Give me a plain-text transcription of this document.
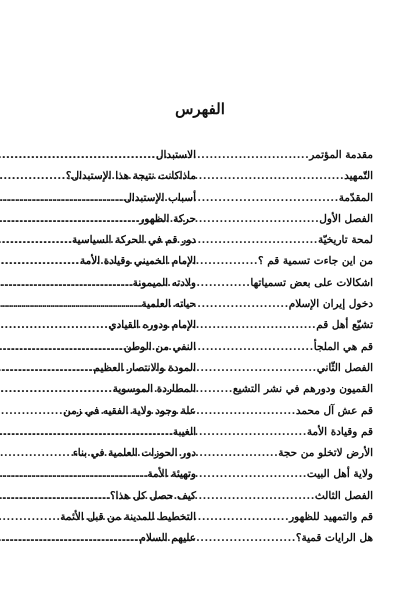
الفهرس
مقدمة المؤتمر
.....
التّمهيد
.....
المقدّمة
.....
الفصل الأول
.....
لمحة تاريخيّة
.....
من اين جاءت تسمية قم ؟
.....
اشكالات على بعض تسمياتها
.....
دخول إيران الإسلام
.....
تشيّع أهل قم
.....
قم هي الملجأ
.....
الفصل الثّاني
.....
القميون ودورهم في نشر التشيع
.....
قم عش آل محمد
.....
قم وقيادة الأمة
.....
الأرض لاتخلو من حجة
.....
ولاية أهل البيت
.....
الفصل الثالث
.....
قم والتمهيد للظهور
.....
هل الرايات قمية؟
.....
الاستبدال
.....
ماذاكانت نتيجة هذا الإستبدال؟
.....
أسباب الإستبدال
.....
حركة الظهور
.....
دور قم في الحركة السياسية
.....
الإمام الخميني وقيادة الأمة
.....
ولادته الميمونة
.....
حياته العلمية
.....
الإمام ودوره القيادي
.....
النفي من الوطن
.....
المودة والانتصار العظيم
.....
المطاردة الموسوية
.....
علة وجود ولاية الفقيه في زمن
الغيبة
.....
دور الحوزات العلمية في بناء
وتهيئة الأمة
.....
كيف حصل كل هذا؟
.....
التخطيط للمدينة من قبل الأئمة
عليهم السلام
.....
